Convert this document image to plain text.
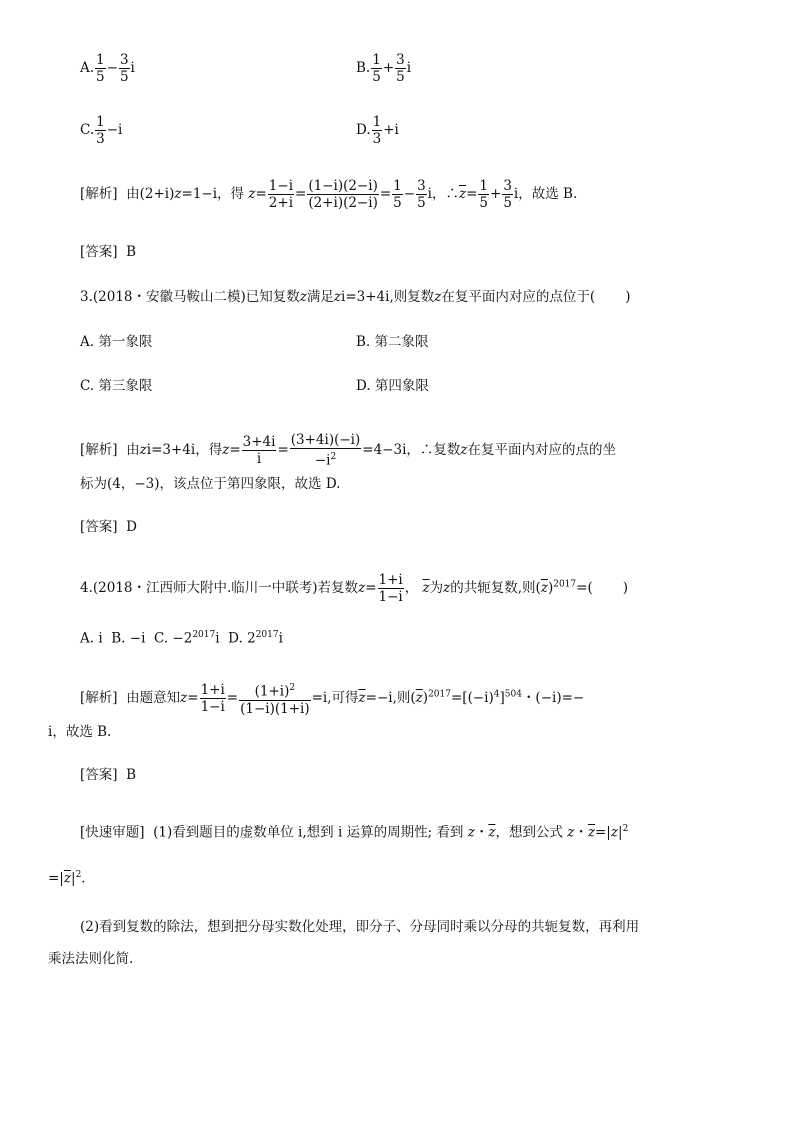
A. $\frac{1}{5} - \frac{3}{5}$ i	B. $\frac{1}{5} + \frac{3}{5}$ i
C. $\frac{1}{3} -i$	D. $\frac{1}{3} +i$
[解析] 由(2+i)z=1−i，得 $z= \frac{1-i}{2+i} = \frac{(1-i)(2-i)}{(2+i)(2-i)} = \frac{1}{5} - \frac{3}{5}$ i，$\therefore\overline{z}= \frac{1}{5} + \frac{3}{5}$ i，故选 B.
[答案] B
3.(2018・安徽马鞍山二模)已知复数z满足zi=3+4i,则复数z在复平面内对应的点位于( )
A. 第一象限	B. 第二象限
C. 第三象限	D. 第四象限
[解析] 由zi=3+4i，得$z= \frac{3+4i}{i} = \frac{(3+4i)(-i)}{-i^2} =4-3i$，∴复数z在复平面内对应的点的坐
标为(4，−3)，该点位于第四象限，故选 D.
[答案] D
4.(2018・江西师大附中.临川一中联考)若复数$z= \frac{1+i}{1-i}$ ， $\overline{z}$为z的共轭复数,则$(\overline{z})^{2017}=$( )
A. i B. −i C. $-2^{2017}i$ D. $2^{2017}i$
[解析] 由题意知$z= \frac{1+i}{1-i} = \frac{(1+i)^2}{(1-i)(1+i)} =i$,可得$\overline{z}=-i$,则$(\overline{z})^{2017}=[(-i)^4]^{504}$・(−i)=−
i，故选 B.
[答案] B
[快速审题] (1)看到题目的虚数单位 i,想到 i 运算的周期性; 看到 z・$\overline{z}$，想到公式 z・$\overline{z}=|z|^2$
$=|\overline{z}|^2$.
(2)看到复数的除法，想到把分母实数化处理，即分子、分母同时乘以分母的共轭复数，再利用
乘法法则化简.
